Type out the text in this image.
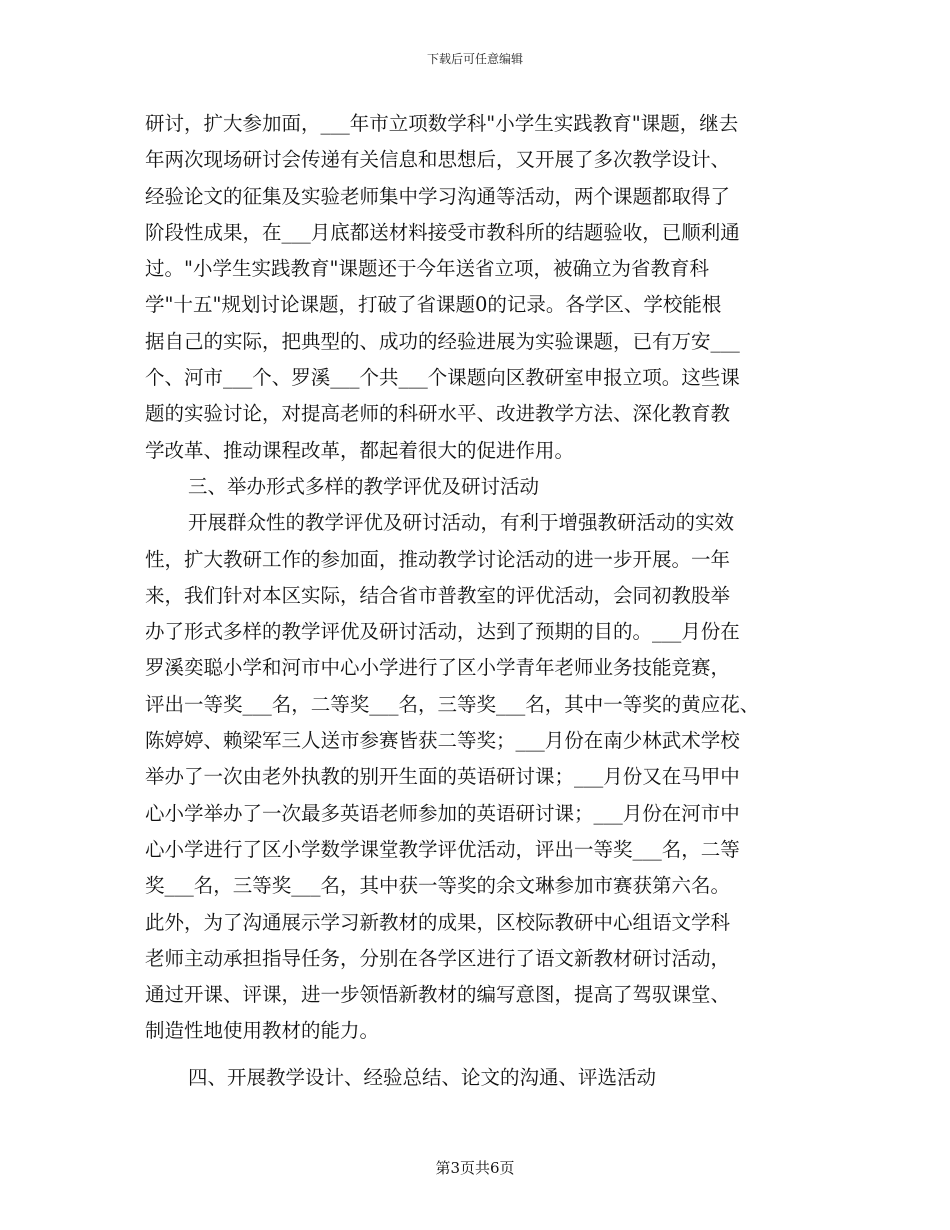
下载后可任意编辑
研讨，扩大参加面，___年市立项数学科"小学生实践教育"课题，继去
年两次现场研讨会传递有关信息和思想后，又开展了多次教学设计、
经验论文的征集及实验老师集中学习沟通等活动，两个课题都取得了
阶段性成果，在___月底都送材料接受市教科所的结题验收，已顺利通
过。"小学生实践教育"课题还于今年送省立项，被确立为省教育科
学"十五"规划讨论课题，打破了省课题0的记录。各学区、学校能根
据自己的实际，把典型的、成功的经验进展为实验课题，已有万安___
个、河市___个、罗溪___个共___个课题向区教研室申报立项。这些课
题的实验讨论，对提高老师的科研水平、改进教学方法、深化教育教
学改革、推动课程改革，都起着很大的促进作用。
三、举办形式多样的教学评优及研讨活动
开展群众性的教学评优及研讨活动，有利于增强教研活动的实效
性，扩大教研工作的参加面，推动教学讨论活动的进一步开展。一年
来，我们针对本区实际，结合省市普教室的评优活动，会同初教股举
办了形式多样的教学评优及研讨活动，达到了预期的目的。___月份在
罗溪奕聪小学和河市中心小学进行了区小学青年老师业务技能竞赛，
评出一等奖___名，二等奖___名，三等奖___名，其中一等奖的黄应花、
陈婷婷、赖梁军三人送市参赛皆获二等奖；___月份在南少林武术学校
举办了一次由老外执教的别开生面的英语研讨课；___月份又在马甲中
心小学举办了一次最多英语老师参加的英语研讨课；___月份在河市中
心小学进行了区小学数学课堂教学评优活动，评出一等奖___名，二等
奖___名，三等奖___名，其中获一等奖的余文琳参加市赛获第六名。
此外，为了沟通展示学习新教材的成果，区校际教研中心组语文学科
老师主动承担指导任务，分别在各学区进行了语文新教材研讨活动，
通过开课、评课，进一步领悟新教材的编写意图，提高了驾驭课堂、
制造性地使用教材的能力。
四、开展教学设计、经验总结、论文的沟通、评选活动
第3页共6页
